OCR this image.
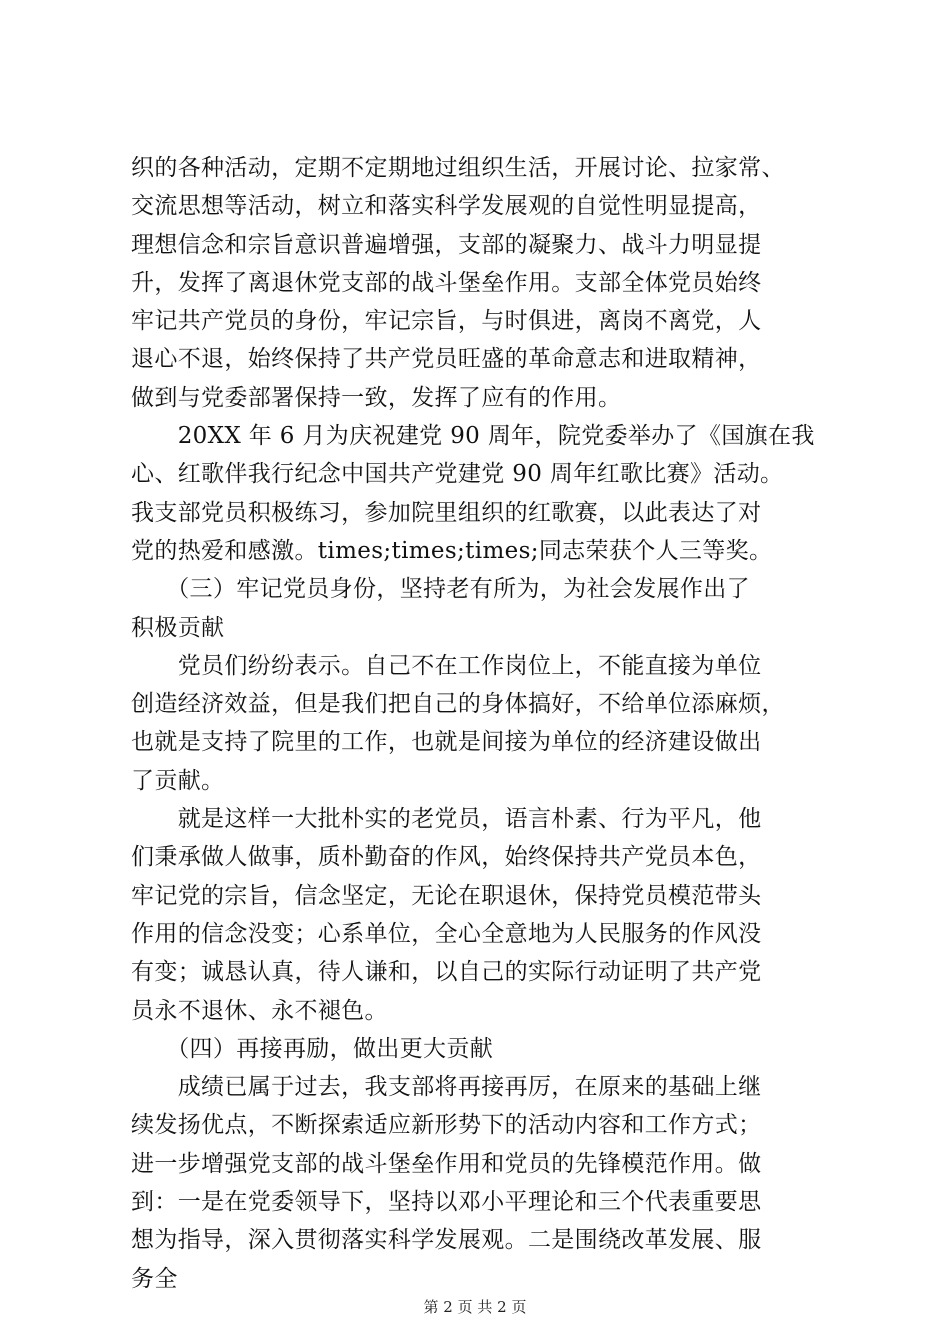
织的各种活动，定期不定期地过组织生活，开展讨论、拉家常、
交流思想等活动，树立和落实科学发展观的自觉性明显提高，
理想信念和宗旨意识普遍增强，支部的凝聚力、战斗力明显提
升，发挥了离退休党支部的战斗堡垒作用。支部全体党员始终
牢记共产党员的身份，牢记宗旨，与时俱进，离岗不离党，人
退心不退，始终保持了共产党员旺盛的革命意志和进取精神，
做到与党委部署保持一致，发挥了应有的作用。
　　20XX 年 6 月为庆祝建党 90 周年，院党委举办了《国旗在我
心、红歌伴我行纪念中国共产党建党 90 周年红歌比赛》活动。
我支部党员积极练习，参加院里组织的红歌赛，以此表达了对
党的热爱和感激。times;times;times;同志荣获个人三等奖。
　　（三）牢记党员身份，坚持老有所为，为社会发展作出了
积极贡献
　　党员们纷纷表示。自己不在工作岗位上，不能直接为单位
创造经济效益，但是我们把自己的身体搞好，不给单位添麻烦，
也就是支持了院里的工作，也就是间接为单位的经济建设做出
了贡献。
　　就是这样一大批朴实的老党员，语言朴素、行为平凡，他
们秉承做人做事，质朴勤奋的作风，始终保持共产党员本色，
牢记党的宗旨，信念坚定，无论在职退休，保持党员模范带头
作用的信念没变；心系单位，全心全意地为人民服务的作风没
有变；诚恳认真，待人谦和，以自己的实际行动证明了共产党
员永不退休、永不褪色。
　　（四）再接再励，做出更大贡献
　　成绩已属于过去，我支部将再接再厉，在原来的基础上继
续发扬优点，不断探索适应新形势下的活动内容和工作方式；
进一步增强党支部的战斗堡垒作用和党员的先锋模范作用。做
到：一是在党委领导下，坚持以邓小平理论和三个代表重要思
想为指导，深入贯彻落实科学发展观。二是围绕改革发展、服
务全
第 2 页 共 2 页
